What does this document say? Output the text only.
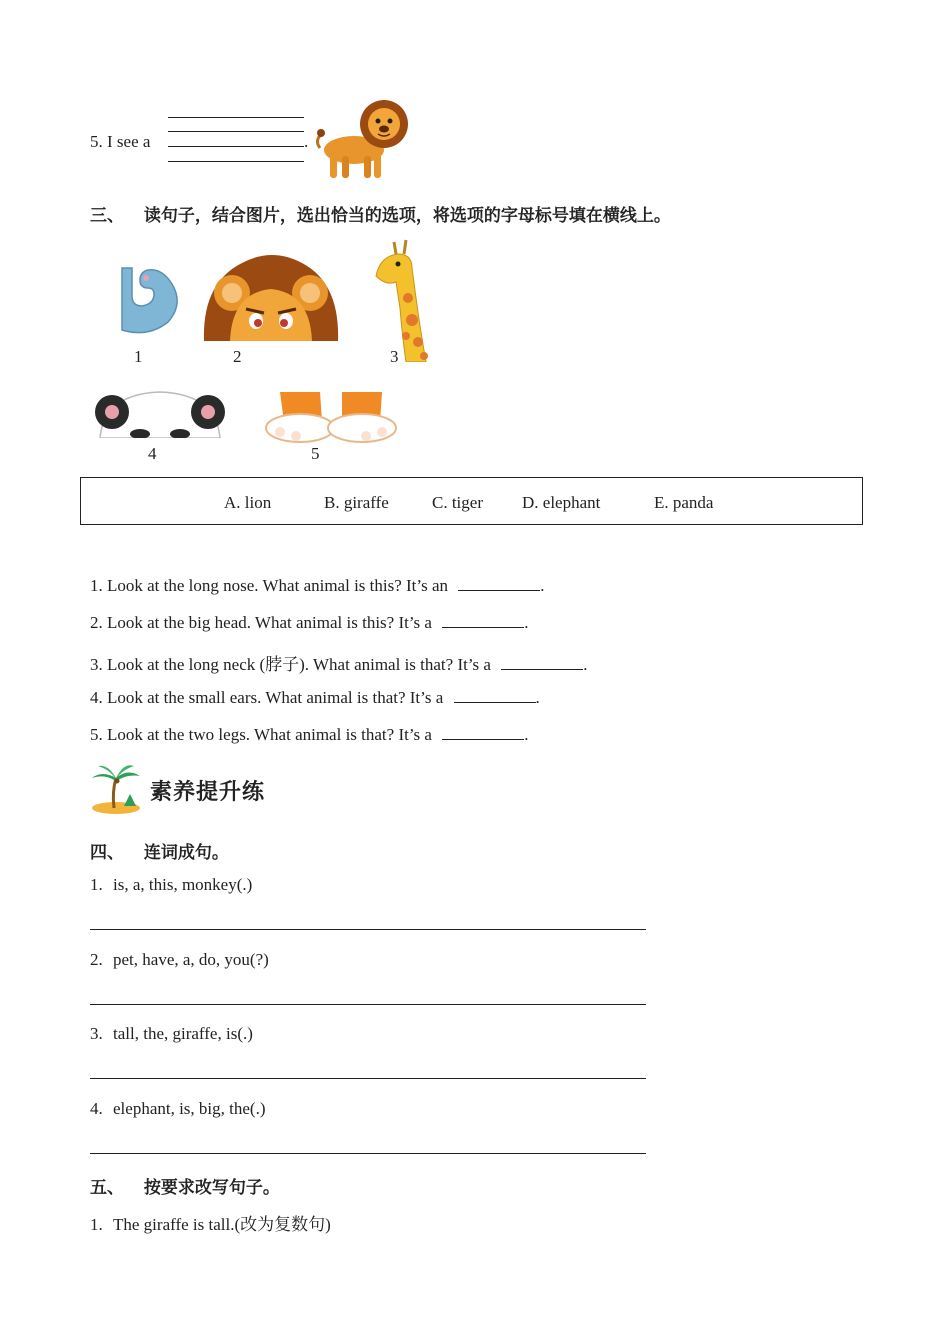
5. I see a	.
三、 读句子，结合图片，选出恰当的选项，将选项的字母标号填在横线上。
1	2	3
4	5
A. lion	B. giraffe	C. tiger D. elephant	E. panda
1. Look at the long nose. What animal is this? It’s an	.
2. Look at the big head. What animal is this? It’s a	.
3. Look at the long neck (脖子). What animal is that? It’s a	.
4. Look at the small ears. What animal is that? It’s a	.
5. Look at the two legs. What animal is that? It’s a	.
素养提升练
四、 连词成句。
1. is, a, this, monkey(.)
2. pet, have, a, do, you(?)
3. tall, the, giraffe, is(.)
4. elephant, is, big, the(.)
五、 按要求改写句子。
1. The giraffe is tall.(改为复数句)
